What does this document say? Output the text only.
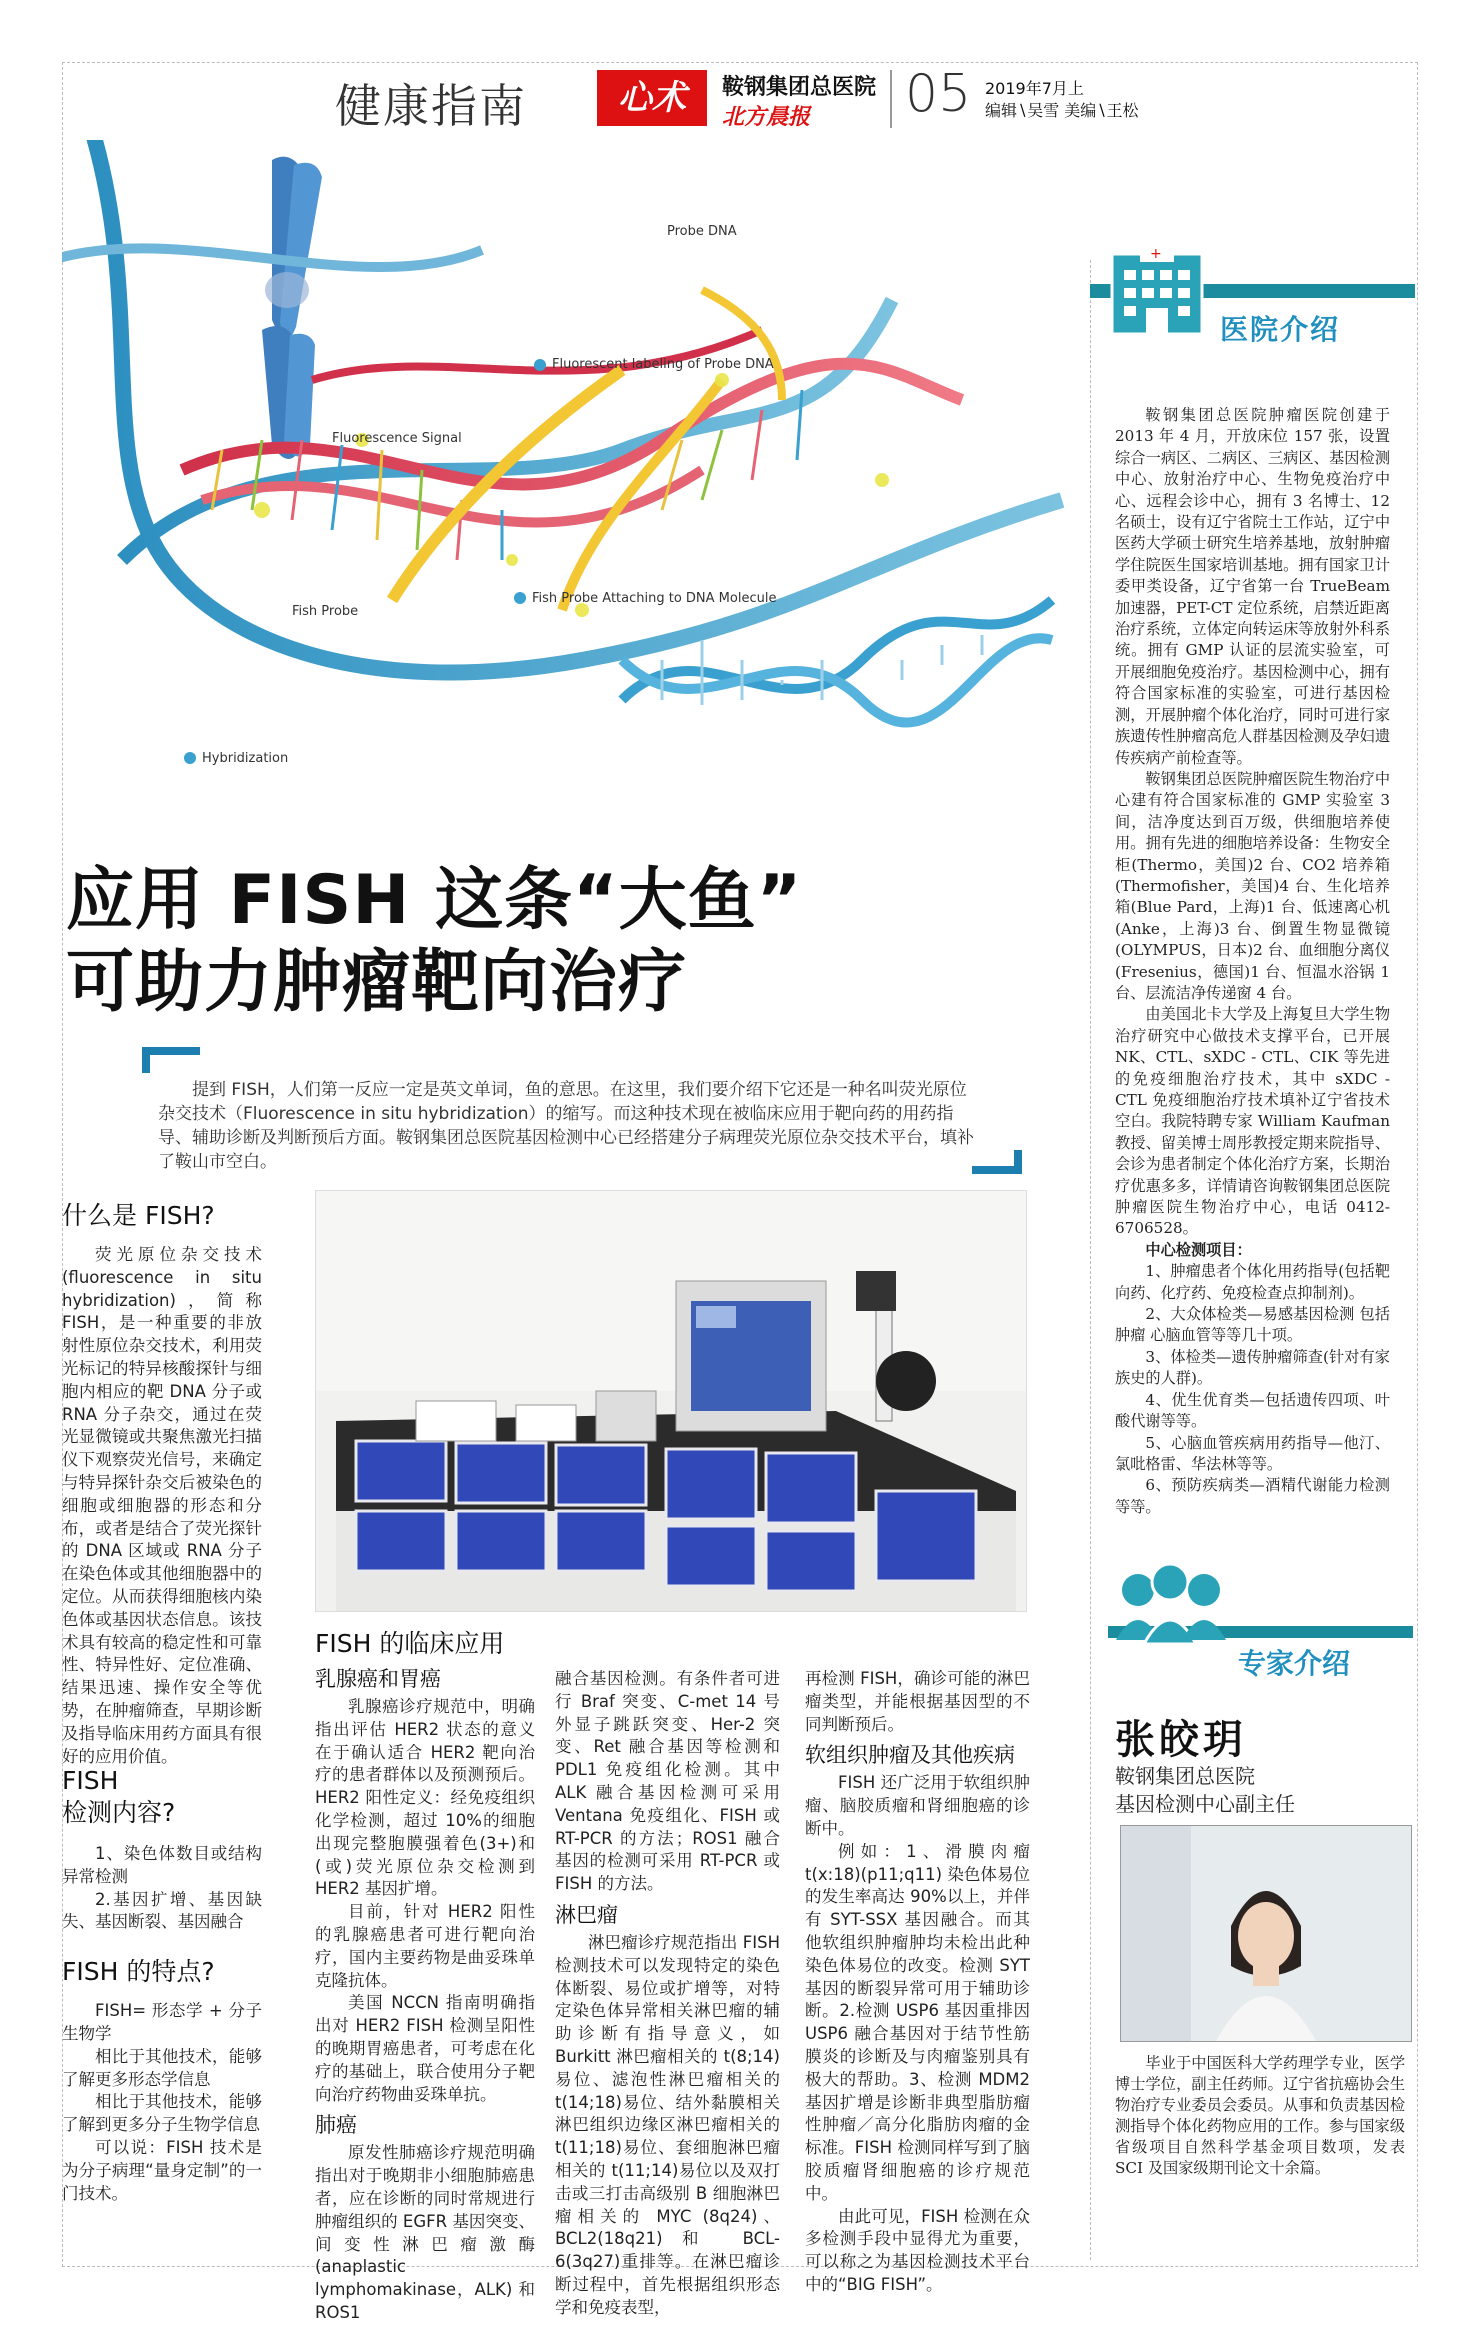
健康指南	心术	鞍钢集团总医院
北方晨报 05 2019年7月上
编辑∖吴雪 美编∖王松
Probe DNA
Fluorescent labeling of Probe DNA
Fluorescence Signal
Fish Probe Attaching to DNA Molecule
Fish Probe
Hybridization
应用 FISH 这条“大鱼”
可助力肿瘤靶向治疗
提到 FISH，人们第一反应一定是英文单词，鱼的意思。在这里，我们要介绍下它还是一种名叫荧光原位杂交技术（Fluorescence in situ hybridization）的缩写。而这种技术现在被临床应用于靶向药的用药指导、辅助诊断及判断预后方面。鞍钢集团总医院基因检测中心已经搭建分子病理荧光原位杂交技术平台，填补了鞍山市空白。
什么是 FISH?

荧光原位杂交技术(fluorescence in situ hybridization)，简称 FISH，是一种重要的非放射性原位杂交技术，利用荧光标记的特异核酸探针与细胞内相应的靶 DNA 分子或RNA 分子杂交，通过在荧光显微镜或共聚焦激光扫描仪下观察荧光信号，来确定与特异探针杂交后被染色的细胞或细胞器的形态和分布，或者是结合了荧光探针的 DNA 区域或 RNA 分子在染色体或其他细胞器中的定位。从而获得细胞核内染色体或基因状态信息。该技术具有较高的稳定性和可靠性、特异性好、定位准确、结果迅速、操作安全等优势，在肿瘤筛查，早期诊断及指导临床用药方面具有很好的应用价值。

FISH
检测内容?

1、染色体数目或结构异常检测

2.基因扩增、基因缺失、基因断裂、基因融合

FISH 的特点?

FISH= 形态学 + 分子生物学

相比于其他技术，能够了解更多形态学信息

相比于其他技术，能够了解到更多分子生物学信息

可以说：FISH 技术是为分子病理“量身定制”的一门技术。

FISH 的临床应用
乳腺癌和胃癌

乳腺癌诊疗规范中，明确指出评估 HER2 状态的意义在于确认适合 HER2 靶向治疗的患者群体以及预测预后。HER2 阳性定义：经免疫组织化学检测，超过 10%的细胞出现完整胞膜强着色(3+)和(或)荧光原位杂交检测到 HER2 基因扩增。

目前，针对 HER2 阳性的乳腺癌患者可进行靶向治疗，国内主要药物是曲妥珠单克隆抗体。

美国 NCCN 指南明确指出对 HER2 FISH 检测呈阳性的晚期胃癌患者，可考虑在化疗的基础上，联合使用分子靶向治疗药物曲妥珠单抗。

肺癌

原发性肺癌诊疗规范明确指出对于晚期非小细胞肺癌患者，应在诊断的同时常规进行肿瘤组织的 EGFR 基因突变、间变性淋巴瘤激酶(anaplastic lymphomakinase，ALK) 和 ROS1

融合基因检测。有条件者可进行 Braf 突变、C-met 14 号外显子跳跃突变、Her-2 突变、Ret 融合基因等检测和 PDL1 免疫组化检测。其中 ALK 融合基因检测可采用 Ventana 免疫组化、FISH 或 RT-PCR 的方法；ROS1 融合基因的检测可采用 RT-PCR 或 FISH 的方法。

淋巴瘤

淋巴瘤诊疗规范指出 FISH 检测技术可以发现特定的染色体断裂、易位或扩增等，对特定染色体异常相关淋巴瘤的辅助诊断有指导意义，如 Burkitt 淋巴瘤相关的 t(8;14)易位、滤泡性淋巴瘤相关的 t(14;18)易位、结外黏膜相关淋巴组织边缘区淋巴瘤相关的 t(11;18)易位、套细胞淋巴瘤相关的 t(11;14)易位以及双打击或三打击高级别 B 细胞淋巴瘤相关的 MYC (8q24)、BCL2(18q21)和 BCL-6(3q27)重排等。在淋巴瘤诊断过程中，首先根据组织形态学和免疫表型，

再检测 FISH，确诊可能的淋巴瘤类型，并能根据基因型的不同判断预后。

软组织肿瘤及其他疾病

FISH 还广泛用于软组织肿瘤、脑胶质瘤和肾细胞癌的诊断中。

例如：1、滑膜肉瘤 t(x:18)(p11;q11) 染色体易位的发生率高达 90%以上，并伴有 SYT-SSX 基因融合。而其他软组织肿瘤肿均未检出此种染色体易位的改变。检测 SYT 基因的断裂异常可用于辅助诊断。2.检测 USP6 基因重排因 USP6 融合基因对于结节性筋膜炎的诊断及与肉瘤鉴别具有极大的帮助。3、检测 MDM2 基因扩增是诊断非典型脂肪瘤性肿瘤／高分化脂肪肉瘤的金标准。FISH 检测同样写到了脑胶质瘤肾细胞癌的诊疗规范中。

由此可见，FISH 检测在众多检测手段中显得尤为重要，可以称之为基因检测技术平台中的“BIG FISH”。

+
医院介绍

鞍钢集团总医院肿瘤医院创建于 2013 年 4 月，开放床位 157 张，设置综合一病区、二病区、三病区、基因检测中心、放射治疗中心、生物免疫治疗中心、远程会诊中心，拥有 3 名博士、12 名硕士，设有辽宁省院士工作站，辽宁中医药大学硕士研究生培养基地，放射肿瘤学住院医生国家培训基地。拥有国家卫计委甲类设备，辽宁省第一台 TrueBeam 加速器，PET-CT 定位系统，启禁近距离治疗系统，立体定向转运床等放射外科系统。拥有 GMP 认证的层流实验室，可开展细胞免疫治疗。基因检测中心，拥有符合国家标准的实验室，可进行基因检测，开展肿瘤个体化治疗，同时可进行家族遗传性肿瘤高危人群基因检测及孕妇遗传疾病产前检查等。

鞍钢集团总医院肿瘤医院生物治疗中心建有符合国家标准的 GMP 实验室 3 间，洁净度达到百万级，供细胞培养使用。拥有先进的细胞培养设备：生物安全柜(Thermo，美国)2 台、CO2 培养箱(Thermofisher，美国)4 台、生化培养箱(Blue Pard，上海)1 台、低速离心机(Anke，上海)3 台、倒置生物显微镜(OLYMPUS，日本)2 台、血细胞分离仪(Fresenius，德国)1 台、恒温水浴锅 1 台、层流洁净传递窗 4 台。

由美国北卡大学及上海复旦大学生物治疗研究中心做技术支撑平台，已开展 NK、CTL、sXDC - CTL、CIK 等先进的免疫细胞治疗技术，其中 sXDC - CTL 免疫细胞治疗技术填补辽宁省技术空白。我院特聘专家 William Kaufman 教授、留美博士周彤教授定期来院指导、会诊为患者制定个体化治疗方案，长期治疗优惠多多，详情请咨询鞍钢集团总医院肿瘤医院生物治疗中心，电话 0412-6706528。

中心检测项目：

1、肿瘤患者个体化用药指导(包括靶向药、化疗药、免疫检查点抑制剂)。

2、大众体检类—易感基因检测 包括肿瘤 心脑血管等等几十项。

3、体检类—遗传肿瘤筛查(针对有家族史的人群)。

4、优生优育类—包括遗传四项、叶酸代谢等等。

5、心脑血管疾病用药指导—他汀、氯吡格雷、华法林等等。

6、预防疾病类—酒精代谢能力检测等等。

专家介绍
张皎玥
鞍钢集团总医院
基因检测中心副主任

毕业于中国医科大学药理学专业，医学博士学位，副主任药师。辽宁省抗癌协会生物治疗专业委员会委员。从事和负责基因检测指导个体化药物应用的工作。参与国家级省级项目自然科学基金项目数项，发表 SCI 及国家级期刊论文十余篇。
